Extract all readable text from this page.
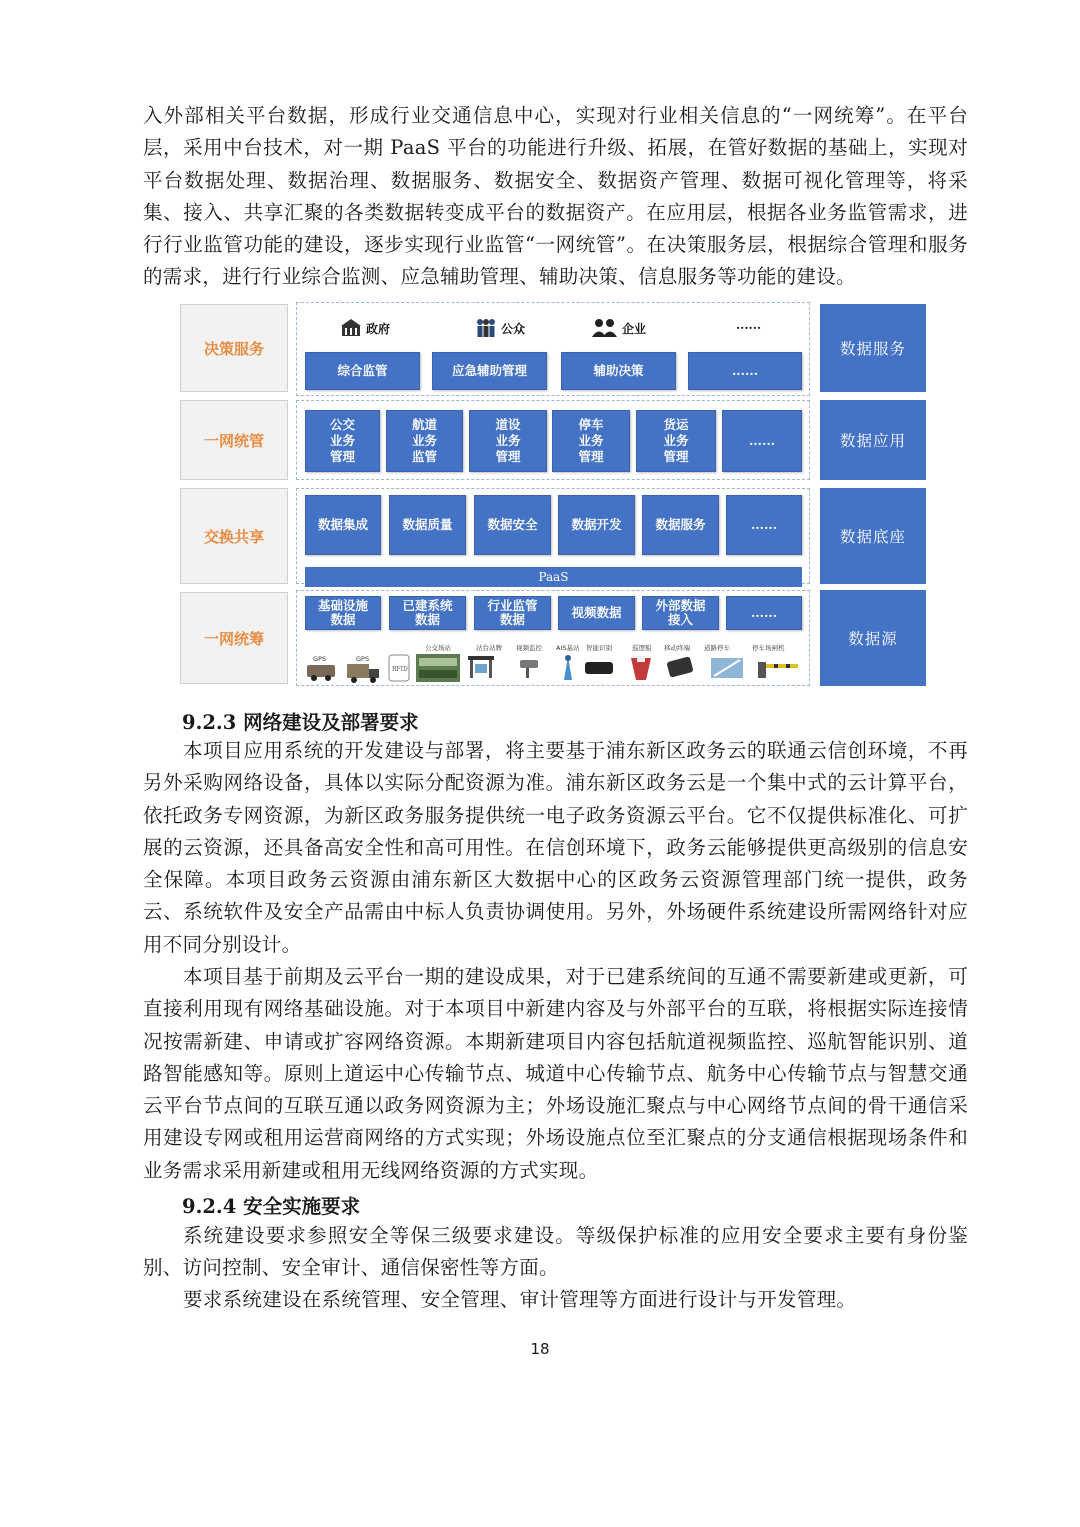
入外部相关平台数据，形成行业交通信息中心，实现对行业相关信息的“一网统筹”。在平台层，采用中台技术，对一期 PaaS 平台的功能进行升级、拓展，在管好数据的基础上，实现对平台数据处理、数据治理、数据服务、数据安全、数据资产管理、数据可视化管理等，将采集、接入、共享汇聚的各类数据转变成平台的数据资产。在应用层，根据各业务监管需求，进行行业监管功能的建设，逐步实现行业监管“一网统管”。在决策服务层，根据综合管理和服务的需求，进行行业综合监测、应急辅助管理、辅助决策、信息服务等功能的建设。

决策服务
一网统管
交换共享
一网统筹
政府	公众	企业	......
综合监管	应急辅助管理	辅助决策	......
公交
业务
管理
航道
业务
监管
道设
业务
管理
停车
业务
管理
货运
业务
管理
......
数据集成	数据质量	数据安全	数据开发	数据服务	......
PaaS
基础设施
数据
已建系统
数据
行业监管
数据	视频数据	外部数据
接入	......
GPS	GPS
RFID
公交场站	站台站牌 视频监控 AIS基站 智能识别	巡逻船 移动终端 道路停车	停车场闸机
数据服务
数据应用
数据底座
数据源

9.2.3 网络建设及部署要求

本项目应用系统的开发建设与部署，将主要基于浦东新区政务云的联通云信创环境，不再另外采购网络设备，具体以实际分配资源为准。浦东新区政务云是一个集中式的云计算平台，依托政务专网资源，为新区政务服务提供统一电子政务资源云平台。它不仅提供标准化、可扩展的云资源，还具备高安全性和高可用性。在信创环境下，政务云能够提供更高级别的信息安全保障。本项目政务云资源由浦东新区大数据中心的区政务云资源管理部门统一提供，政务云、系统软件及安全产品需由中标人负责协调使用。另外，外场硬件系统建设所需网络针对应用不同分别设计。

本项目基于前期及云平台一期的建设成果，对于已建系统间的互通不需要新建或更新，可直接利用现有网络基础设施。对于本项目中新建内容及与外部平台的互联，将根据实际连接情况按需新建、申请或扩容网络资源。本期新建项目内容包括航道视频监控、巡航智能识别、道路智能感知等。原则上道运中心传输节点、城道中心传输节点、航务中心传输节点与智慧交通云平台节点间的互联互通以政务网资源为主；外场设施汇聚点与中心网络节点间的骨干通信采用建设专网或租用运营商网络的方式实现；外场设施点位至汇聚点的分支通信根据现场条件和业务需求采用新建或租用无线网络资源的方式实现。

9.2.4 安全实施要求

系统建设要求参照安全等保三级要求建设。等级保护标准的应用安全要求主要有身份鉴别、访问控制、安全审计、通信保密性等方面。

要求系统建设在系统管理、安全管理、审计管理等方面进行设计与开发管理。

18
